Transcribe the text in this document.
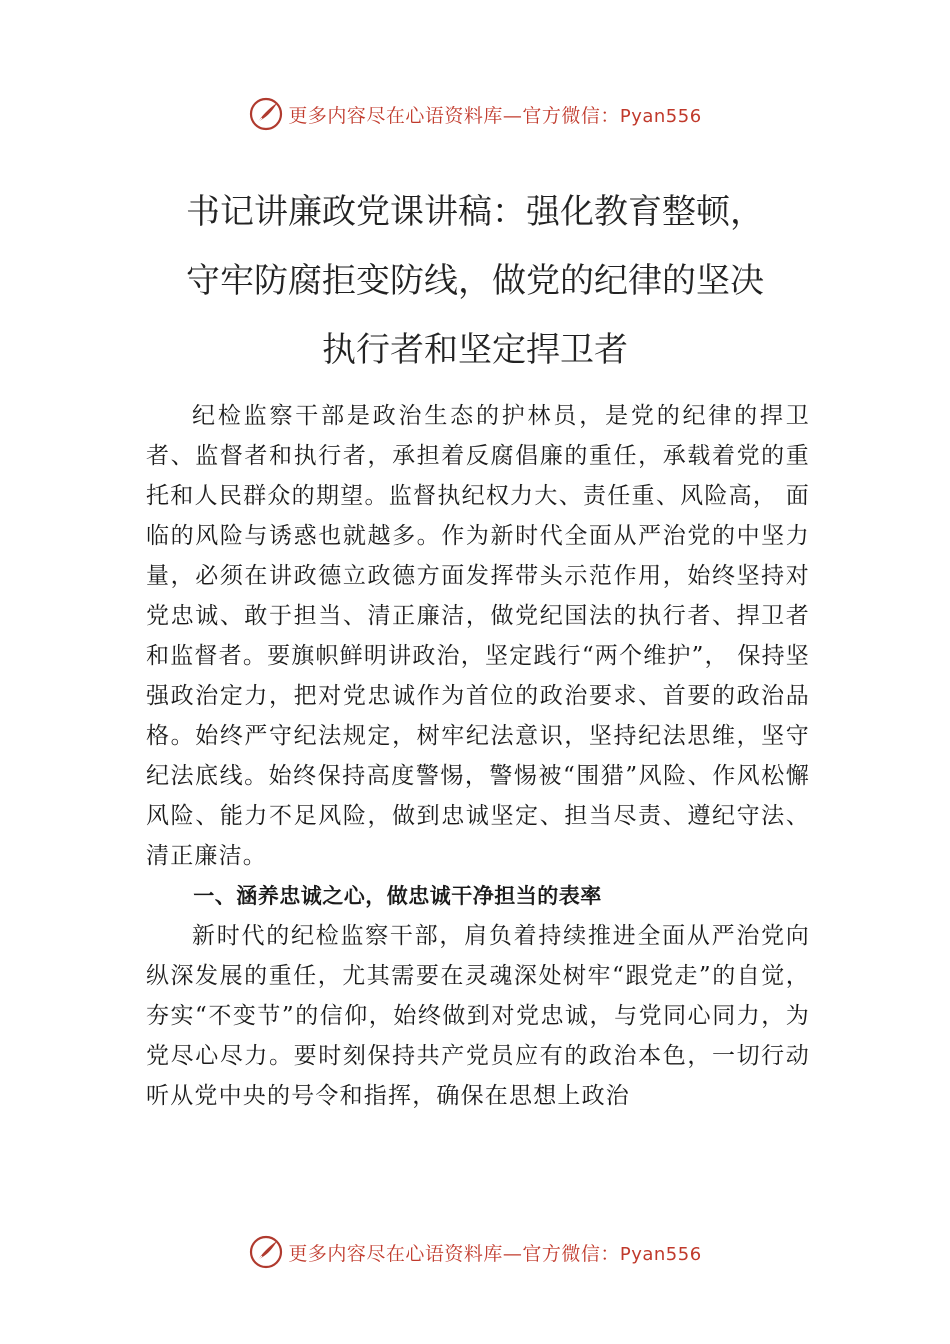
更多内容尽在心语资料库—官方微信：Pyan556
书记讲廉政党课讲稿：强化教育整顿，
守牢防腐拒变防线，做党的纪律的坚决
执行者和坚定捍卫者

纪检监察干部是政治生态的护林员，是党的纪律的捍卫者、监督者和执行者，承担着反腐倡廉的重任，承载着党的重托和人民群众的期望。监督执纪权力大、责任重、风险高， 面临的风险与诱惑也就越多。作为新时代全面从严治党的中坚力量，必须在讲政德立政德方面发挥带头示范作用，始终坚持对党忠诚、敢于担当、清正廉洁，做党纪国法的执行者、捍卫者和监督者。要旗帜鲜明讲政治，坚定践行“两个维护”， 保持坚强政治定力，把对党忠诚作为首位的政治要求、首要的政治品格。始终严守纪法规定，树牢纪法意识，坚持纪法思维，坚守纪法底线。始终保持高度警惕，警惕被“围猎”风险、作风松懈风险、能力不足风险，做到忠诚坚定、担当尽责、遵纪守法、清正廉洁。

一、涵养忠诚之心，做忠诚干净担当的表率

新时代的纪检监察干部，肩负着持续推进全面从严治党向纵深发展的重任，尤其需要在灵魂深处树牢“跟党走”的自觉，夯实“不变节”的信仰，始终做到对党忠诚，与党同心同力，为党尽心尽力。要时刻保持共产党员应有的政治本色，一切行动听从党中央的号令和指挥，确保在思想上政治

更多内容尽在心语资料库—官方微信：Pyan556
